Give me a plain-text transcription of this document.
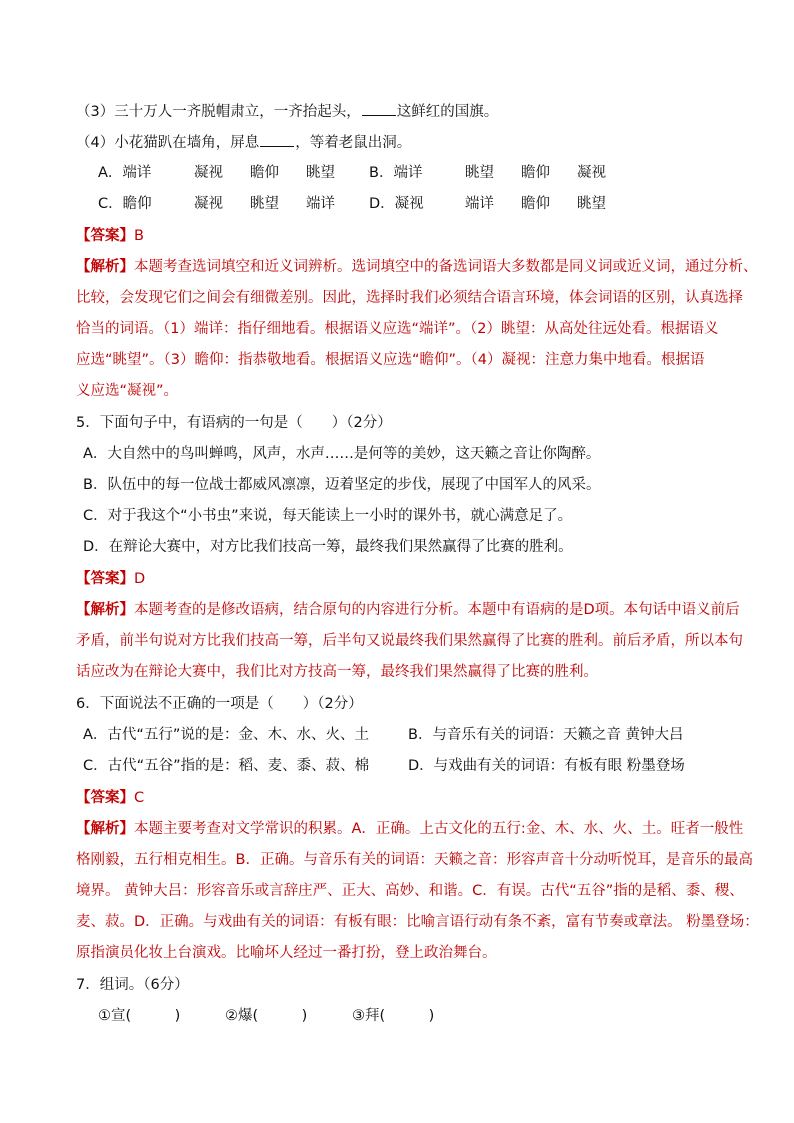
（3）三十万人一齐脱帽肃立，一齐抬起头， 这鲜红的国旗。
（4）小花猫趴在墙角，屏息 ，等着老鼠出洞。
A．端详	凝视 瞻仰 眺望 B．端详	眺望 瞻仰 凝视
C．瞻仰	凝视 眺望 端详 D．凝视	端详 瞻仰 眺望
【答案】B
【解析】本题考查选词填空和近义词辨析。选词填空中的备选词语大多数都是同义词或近义词，通过分析、
比较，会发现它们之间会有细微差别。因此，选择时我们必须结合语言环境，体会词语的区别，认真选择
恰当的词语。（1）端详：指仔细地看。根据语义应选“端详”。（2）眺望：从高处往远处看。根据语义
应选“眺望”。（3）瞻仰：指恭敬地看。根据语义应选“瞻仰”。（4）凝视：注意力集中地看。根据语
义应选“凝视”。
5．下面句子中，有语病的一句是（　　）（2分）
A．大自然中的鸟叫蝉鸣，风声，水声……是何等的美妙，这天籁之音让你陶醉。
B．队伍中的每一位战士都威风凛凛，迈着坚定的步伐，展现了中国军人的风采。
C．对于我这个“小书虫”来说，每天能读上一小时的课外书，就心满意足了。
D．在辩论大赛中，对方比我们技高一筹，最终我们果然赢得了比赛的胜利。
【答案】D
【解析】本题考查的是修改语病，结合原句的内容进行分析。本题中有语病的是D项。本句话中语义前后
矛盾，前半句说对方比我们技高一筹，后半句又说最终我们果然赢得了比赛的胜利。前后矛盾，所以本句
话应改为在辩论大赛中，我们比对方技高一筹，最终我们果然赢得了比赛的胜利。
6．下面说法不正确的一项是（　　）（2分）
A．古代“五行”说的是：金、木、水、火、土	B．与音乐有关的词语：天籁之音 黄钟大吕
C．古代“五谷”指的是：稻、麦、黍、菽、棉	D．与戏曲有关的词语：有板有眼 粉墨登场
【答案】C
【解析】本题主要考查对文学常识的积累。A．正确。上古文化的五行:金、木、水、火、土。旺者一般性
格刚毅，五行相克相生。B．正确。与音乐有关的词语：天籁之音：形容声音十分动听悦耳，是音乐的最高
境界。 黄钟大吕：形容音乐或言辞庄严、正大、高妙、和谐。C．有误。古代“五谷”指的是稻、黍、稷、
麦、菽。D．正确。与戏曲有关的词语：有板有眼：比喻言语行动有条不紊，富有节奏或章法。 粉墨登场：
原指演员化妆上台演戏。比喻坏人经过一番打扮，登上政治舞台。
7．组词。（6分）
①宣(　　　)	②爆(　　　)	③拜(　　　)
